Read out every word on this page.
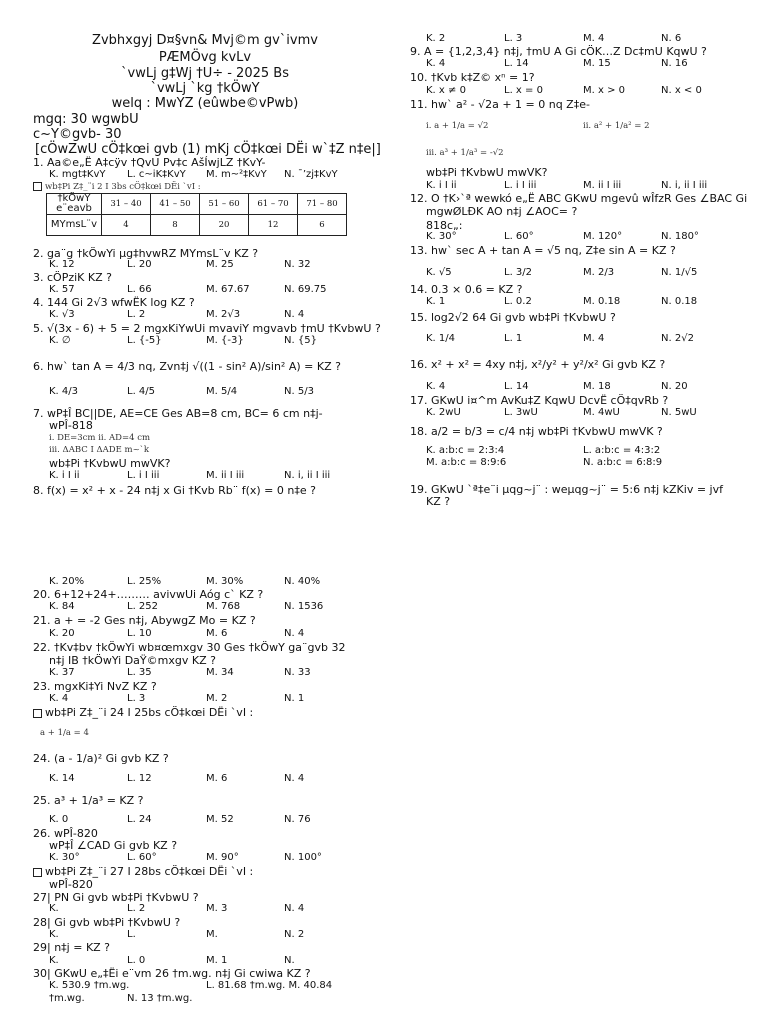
Zvbhxgyj D¤§vn& Mvj©m gv`ivmv
PÆMÖvg kvLv
`vwLj g‡Wj †U÷ - 2025 Bs
`vwLj `kg †kÖwY
welq : MwYZ (eûwbe©vPwb)
mgq: 30 wgwbU
c~Y©gvb- 30
[cÖwZwU cÖ‡kœi gvb (1) mKj cÖ‡kœi DËi w`‡Z n‡e|]
1. Aa©e„Ë A‡cÿv †QvU Pv‡c AšÍwjLZ †KvY-
K. mgt‡KvY L. c~iK‡KvY M. m~²‡KvY N. ¯’zj‡KvY
wb‡Pi Z‡_¨i 2 I 3bs cÖ‡kœi DËi `vI :
†kÖwY e¨eavb	31 – 40	41 – 50	51 – 60	61 – 70	71 – 80
MYmsL¨v	4	8	20	12	6
2. ga¨g †kÖwYi µg‡hvwRZ MYmsL¨v KZ ?
K. 12	L. 20	M. 25	N. 32
3. cÖPziK KZ ?
K. 57	L. 66	M. 67.67	N. 69.75
4. 144 Gi 2√3 wfwËK log KZ ?
K. √3	L. 2	M. 2√3	N. 4
5. √(3x - 6) + 5 = 2 mgxKiYwUi mvaviY mgvavb †mU †KvbwU ?
K. ∅	L. {-5}	M. {-3}	N. {5}
6. hw` tan A = 4/3 nq, Zvn‡j √((1 - sin² A)/sin² A) = KZ ?
K. 4/3	L. 4/5	M. 5/4	N. 5/3
7. wP‡Î BC||DE, AE=CE Ges AB=8 cm, BC= 6 cm n‡j-
wPÎ-818
i. DE=3cm ii. AD=4 cm
iii. ΔABC I ΔADE m~`k
wb‡Pi †KvbwU mwVK?
K. i I ii	L. i I iii	M. ii I iii	N. i, ii I iii
8. f(x) = x² + x - 24 n‡j x Gi †Kvb Rb¨ f(x) = 0 n‡e ?
K. 2	L. 3	M. 4	N. 6
9. A = {1,2,3,4} n‡j, †mU A Gi cÖK…Z Dc‡mU KqwU ?
K. 4	L. 14	M. 15	N. 16
10. †Kvb k‡Z© xⁿ = 1?
K. x ≠ 0	L. x = 0	M. x > 0	N. x < 0
11. hw` a² - √2a + 1 = 0 nq Z‡e-
i. a + 1/a = √2	ii. a² + 1/a² = 2
iii. a³ + 1/a³ = -√2
wb‡Pi †KvbwU mwVK?
K. i I ii	L. i I iii	M. ii I iii	N. i, ii I iii
12. O †K›`ª wewkó e„Ë ABC GKwU mgevû wÎfzR Ges ∠BAC Gi
mgwØLÐK AO n‡j ∠AOC= ?
818c„:
K. 30°	L. 60°	M. 120°	N. 180°
13. hw` sec A + tan A = √5 nq, Z‡e sin A = KZ ?
K. √5	L. 3/2	M. 2/3	N. 1/√5
14. 0.3 × 0.6 = KZ ?
K. 1	L. 0.2	M. 0.18	N. 0.18
15. log2√2 64 Gi gvb wb‡Pi †KvbwU ?
K. 1/4	L. 1	M. 4	N. 2√2
16. x² + x² = 4xy n‡j, x²/y² + y²/x² Gi gvb KZ ?
K. 4	L. 14	M. 18	N. 20
17. GKwU i¤^m AvKu‡Z KqwU DcvË cÖ‡qvRb ?
K. 2wU	L. 3wU	M. 4wU	N. 5wU
18. a/2 = b/3 = c/4 n‡j wb‡Pi †KvbwU mwVK ?
K. a:b:c = 2:3:4	L. a:b:c = 4:3:2
M. a:b:c = 8:9:6	N. a:b:c = 6:8:9
19. GKwU `ª‡e¨i µqg~j¨ : weµqg~j¨ = 5:6 n‡j kZKiv = jvf
KZ ?
K. 20%	L. 25%	M. 30%	N. 40%
20. 6+12+24+……… avivwUi Aóg c` KZ ?
K. 84	L. 252	M. 768	N. 1536
21. a + = -2 Ges n‡j, AbywgZ Mo = KZ ?
K. 20	L. 10	M. 6	N. 4
22. †Kv‡bv †kÖwYi wb¤œmxgv 30 Ges †kÖwY ga¨gvb 32
n‡j IB †kÖwYi DaŸ©mxgv KZ ?
K. 37	L. 35	M. 34	N. 33
23. mgxKi‡Yi NvZ KZ ?
K. 4	L. 3	M. 2	N. 1
wb‡Pi Z‡_¨i 24 I 25bs cÖ‡kœi DËi `vI :
a + 1/a = 4
24. (a - 1/a)² Gi gvb KZ ?
K. 14	L. 12	M. 6	N. 4
25. a³ + 1/a³ = KZ ?
K. 0	L. 24	M. 52	N. 76
26. wPÎ-820
wP‡Î ∠CAD Gi gvb KZ ?
K. 30°	L. 60°	M. 90°	N. 100°
wb‡Pi Z‡_¨i 27 I 28bs cÖ‡kœi DËi `vI :
wPÎ-820
27| PN Gi gvb wb‡Pi †KvbwU ?
K.	L. 2	M. 3	N. 4
28| Gi gvb wb‡Pi †KvbwU ?
K.	L.	M.	N. 2
29| n‡j = KZ ?
K.	L. 0	M. 1	N.
30| GKwU e„‡Ëi e¨vm 26 †m.wg. n‡j Gi cwiwa KZ ?
K. 530.9 †m.wg.	L. 81.68 †m.wg. M. 40.84
†m.wg.	N. 13 †m.wg.
